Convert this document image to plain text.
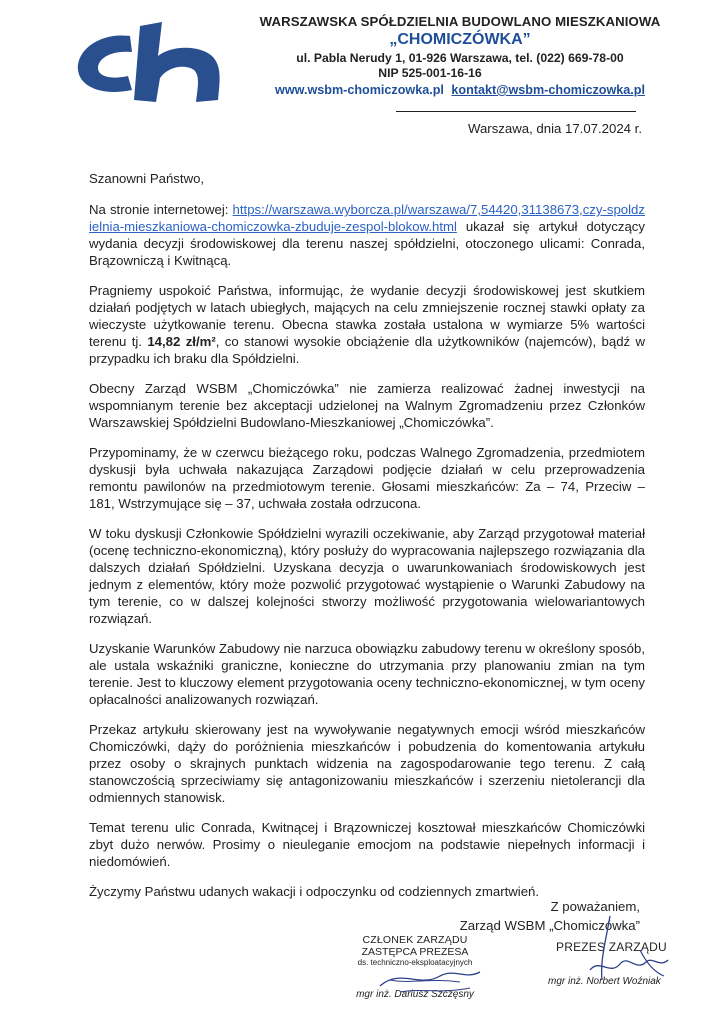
WARSZAWSKA SPÓŁDZIELNIA BUDOWLANO MIESZKANIOWA
„CHOMICZÓWKA”
ul. Pabla Nerudy 1, 01-926 Warszawa, tel. (022) 669-78-00
NIP 525-001-16-16
www.wsbm-chomiczowka.pl kontakt@wsbm-chomiczowka.pl
Warszawa, dnia 17.07.2024 r.

Szanowni Państwo,

Na stronie internetowej: https://warszawa.wyborcza.pl/warszawa/7,54420,31138673,czy-spoldzielnia-mieszkaniowa-chomiczowka-zbuduje-zespol-blokow.html ukazał się artykuł dotyczący wydania decyzji środowiskowej dla terenu naszej spółdzielni, otoczonego ulicami: Conrada, Brązowniczą i Kwitnącą.

Pragniemy uspokoić Państwa, informując, że wydanie decyzji środowiskowej jest skutkiem działań podjętych w latach ubiegłych, mających na celu zmniejszenie rocznej stawki opłaty za wieczyste użytkowanie terenu. Obecna stawka została ustalona w wymiarze 5% wartości terenu tj. 14,82 zł/m², co stanowi wysokie obciążenie dla użytkowników (najemców), bądź w przypadku ich braku dla Spółdzielni.

Obecny Zarząd WSBM „Chomiczówka” nie zamierza realizować żadnej inwestycji na wspomnianym terenie bez akceptacji udzielonej na Walnym Zgromadzeniu przez Członków Warszawskiej Spółdzielni Budowlano-Mieszkaniowej „Chomiczówka”.

Przypominamy, że w czerwcu bieżącego roku, podczas Walnego Zgromadzenia, przedmiotem dyskusji była uchwała nakazująca Zarządowi podjęcie działań w celu przeprowadzenia remontu pawilonów na przedmiotowym terenie. Głosami mieszkańców: Za – 74, Przeciw – 181, Wstrzymujące się – 37, uchwała została odrzucona.

W toku dyskusji Członkowie Spółdzielni wyrazili oczekiwanie, aby Zarząd przygotował materiał (ocenę techniczno-ekonomiczną), który posłuży do wypracowania najlepszego rozwiązania dla dalszych działań Spółdzielni. Uzyskana decyzja o uwarunkowaniach środowiskowych jest jednym z elementów, który może pozwolić przygotować wystąpienie o Warunki Zabudowy na tym terenie, co w dalszej kolejności stworzy możliwość przygotowania wielowariantowych rozwiązań.

Uzyskanie Warunków Zabudowy nie narzuca obowiązku zabudowy terenu w określony sposób, ale ustala wskaźniki graniczne, konieczne do utrzymania przy planowaniu zmian na tym terenie. Jest to kluczowy element przygotowania oceny techniczno-ekonomicznej, w tym oceny opłacalności analizowanych rozwiązań.

Przekaz artykułu skierowany jest na wywoływanie negatywnych emocji wśród mieszkańców Chomiczówki, dąży do poróżnienia mieszkańców i pobudzenia do komentowania artykułu przez osoby o skrajnych punktach widzenia na zagospodarowanie tego terenu. Z całą stanowczością sprzeciwiamy się antagonizowaniu mieszkańców i szerzeniu nietolerancji dla odmiennych stanowisk.

Temat terenu ulic Conrada, Kwitnącej i Brązowniczej kosztował mieszkańców Chomiczówki zbyt dużo nerwów. Prosimy o nieuleganie emocjom na podstawie niepełnych informacji i niedomówień.

Życzymy Państwu udanych wakacji i odpoczynku od codziennych zmartwień.

Z poważaniem,
Zarząd WSBM „Chomiczówka”
CZŁONEK ZARZĄDU
ZASTĘPCA PREZESA
ds. techniczno-eksploatacyjnych
mgr inż. Dariusz Szczęsny
PREZES ZARZĄDU
mgr inż. Norbert Woźniak
